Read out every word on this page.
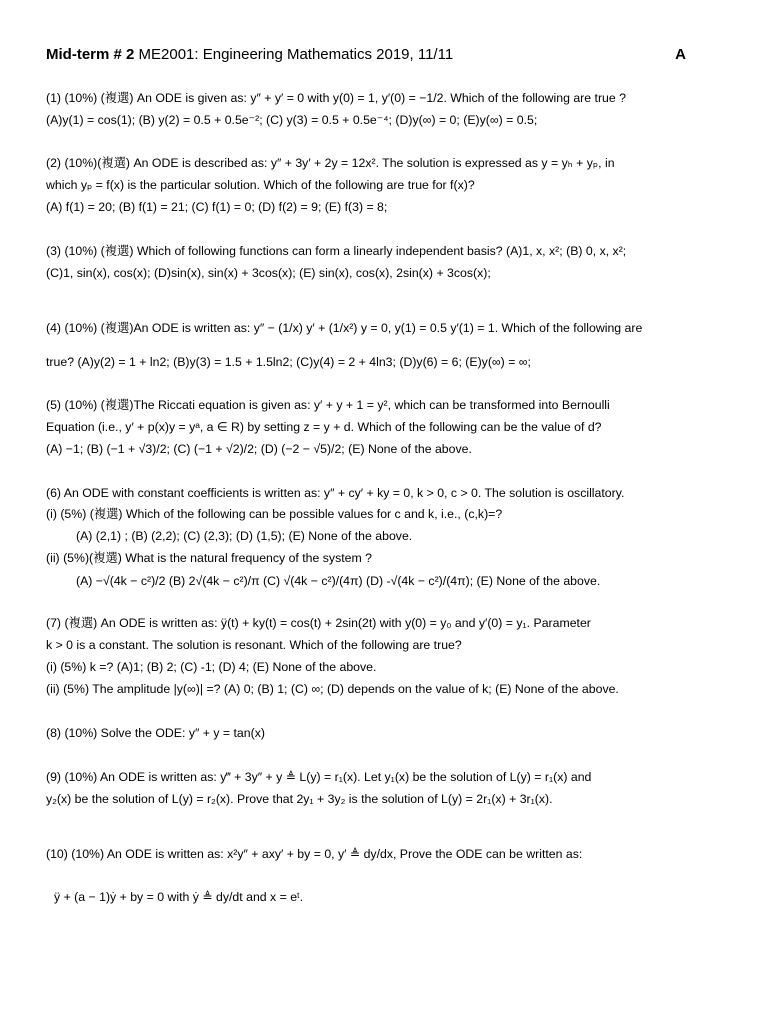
Mid-term # 2 ME2001: Engineering Mathematics 2019, 11/11	A
(1) (10%) (複選) An ODE is given as: y″ + y′ = 0 with y(0) = 1, y′(0) = −1/2. Which of the following are true ?
(A)y(1) = cos(1); (B) y(2) = 0.5 + 0.5e⁻²; (C) y(3) = 0.5 + 0.5e⁻⁴; (D)y(∞) = 0; (E)y(∞) = 0.5;
(2) (10%)(複選) An ODE is described as: y″ + 3y′ + 2y = 12x². The solution is expressed as y = yₕ + yₚ, in
which yₚ = f(x) is the particular solution. Which of the following are true for f(x)?
(A) f(1) = 20; (B) f(1) = 21; (C) f(1) = 0; (D) f(2) = 9; (E) f(3) = 8;
(3) (10%) (複選) Which of following functions can form a linearly independent basis? (A)1, x, x²; (B) 0, x, x²;
(C)1, sin(x), cos(x); (D)sin(x), sin(x) + 3cos(x); (E) sin(x), cos(x), 2sin(x) + 3cos(x);
(4) (10%) (複選)An ODE is written as: y″ − (1/x) y′ + (1/x²) y = 0, y(1) = 0.5 y′(1) = 1. Which of the following are
true? (A)y(2) = 1 + ln2; (B)y(3) = 1.5 + 1.5ln2; (C)y(4) = 2 + 4ln3; (D)y(6) = 6; (E)y(∞) = ∞;
(5) (10%) (複選)The Riccati equation is given as: y′ + y + 1 = y², which can be transformed into Bernoulli
Equation (i.e., y′ + p(x)y = yᵃ, a ∈ R) by setting z = y + d. Which of the following can be the value of d?
(A) −1; (B) (−1 + √3)/2; (C) (−1 + √2)/2; (D) (−2 − √5)/2; (E) None of the above.
(6) An ODE with constant coefficients is written as: y″ + cy′ + ky = 0, k > 0, c > 0. The solution is oscillatory.
(i) (5%) (複選) Which of the following can be possible values for c and k, i.e., (c,k)=?
(A) (2,1) ; (B) (2,2); (C) (2,3); (D) (1,5); (E) None of the above.
(ii) (5%)(複選) What is the natural frequency of the system ?
(A) −√(4k − c²)/2 (B) 2√(4k − c²)/π (C) √(4k − c²)/(4π) (D) -√(4k − c²)/(4π); (E) None of the above.
(7) (複選) An ODE is written as: ÿ(t) + ky(t) = cos(t) + 2sin(2t) with y(0) = y₀ and y′(0) = y₁. Parameter
k > 0 is a constant. The solution is resonant. Which of the following are true?
(i) (5%) k =? (A)1; (B) 2; (C) -1; (D) 4; (E) None of the above.
(ii) (5%) The amplitude |y(∞)| =? (A) 0; (B) 1; (C) ∞; (D) depends on the value of k; (E) None of the above.
(8) (10%) Solve the ODE: y″ + y = tan(x)
(9) (10%) An ODE is written as: y‴ + 3y″ + y ≜ L(y) = r₁(x). Let y₁(x) be the solution of L(y) = r₁(x) and
y₂(x) be the solution of L(y) = r₂(x). Prove that 2y₁ + 3y₂ is the solution of L(y) = 2r₁(x) + 3r₁(x).
(10) (10%) An ODE is written as: x²y″ + axy′ + by = 0, y′ ≜ dy/dx, Prove the ODE can be written as:
ÿ + (a − 1)ẏ + by = 0 with ẏ ≜ dy/dt and x = eᵗ.
